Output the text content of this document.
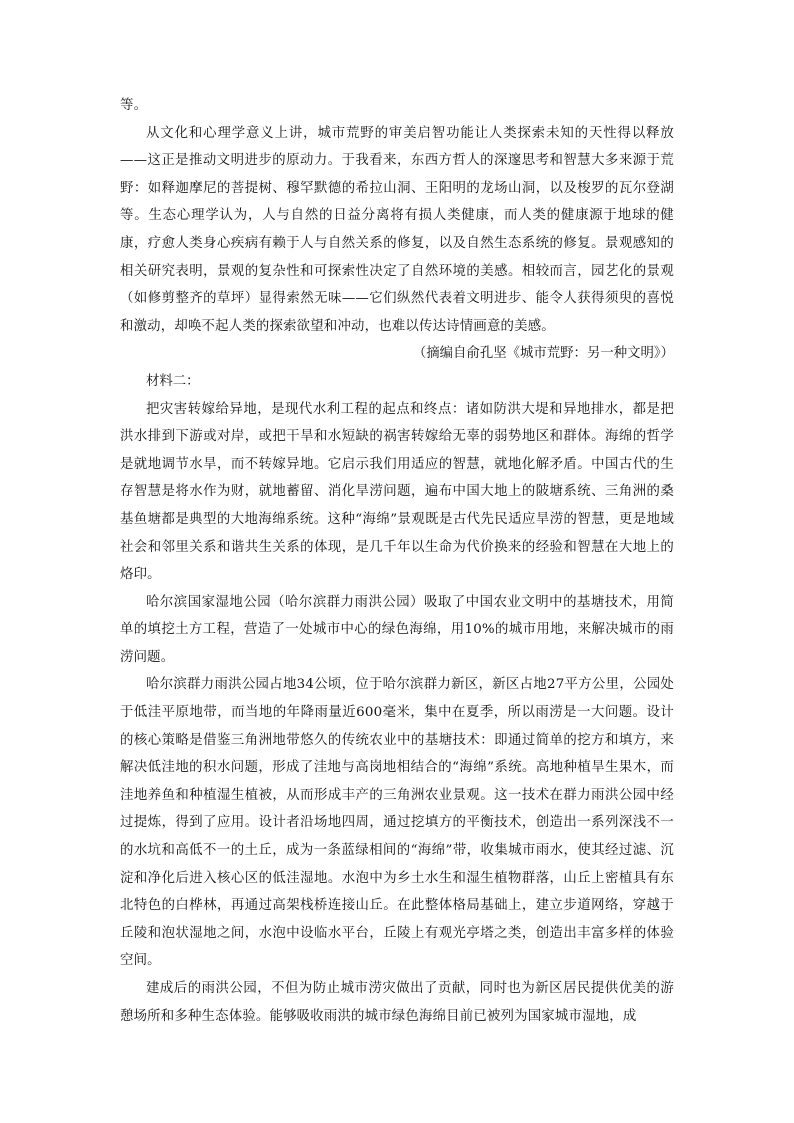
等。

从文化和心理学意义上讲，城市荒野的审美启智功能让人类探索未知的天性得以释放——这正是推动文明进步的原动力。于我看来，东西方哲人的深邃思考和智慧大多来源于荒野：如释迦摩尼的菩提树、穆罕默德的希拉山洞、王阳明的龙场山洞，以及梭罗的瓦尔登湖等。生态心理学认为，人与自然的日益分离将有损人类健康，而人类的健康源于地球的健康，疗愈人类身心疾病有赖于人与自然关系的修复，以及自然生态系统的修复。景观感知的相关研究表明，景观的复杂性和可探索性决定了自然环境的美感。相较而言，园艺化的景观（如修剪整齐的草坪）显得索然无味——它们纵然代表着文明进步、能令人获得须臾的喜悦和激动，却唤不起人类的探索欲望和冲动，也难以传达诗情画意的美感。

（摘编自俞孔坚《城市荒野：另一种文明》）

材料二：

把灾害转嫁给异地，是现代水利工程的起点和终点：诸如防洪大堤和异地排水，都是把洪水排到下游或对岸，或把干旱和水短缺的祸害转嫁给无辜的弱势地区和群体。海绵的哲学是就地调节水旱，而不转嫁异地。它启示我们用适应的智慧，就地化解矛盾。中国古代的生存智慧是将水作为财，就地蓄留、消化旱涝问题，遍布中国大地上的陂塘系统、三角洲的桑基鱼塘都是典型的大地海绵系统。这种“海绵”景观既是古代先民适应旱涝的智慧，更是地域社会和邻里关系和谐共生关系的体现，是几千年以生命为代价换来的经验和智慧在大地上的烙印。

哈尔滨国家湿地公园（哈尔滨群力雨洪公园）吸取了中国农业文明中的基塘技术，用简单的填挖土方工程，营造了一处城市中心的绿色海绵，用10%的城市用地，来解决城市的雨涝问题。

哈尔滨群力雨洪公园占地34公顷，位于哈尔滨群力新区，新区占地27平方公里，公园处于低洼平原地带，而当地的年降雨量近600毫米，集中在夏季，所以雨涝是一大问题。设计的核心策略是借鉴三角洲地带悠久的传统农业中的基塘技术：即通过简单的挖方和填方，来解决低洼地的积水问题，形成了洼地与高岗地相结合的“海绵”系统。高地种植旱生果木，而洼地养鱼和种植湿生植被，从而形成丰产的三角洲农业景观。这一技术在群力雨洪公园中经过提炼，得到了应用。设计者沿场地四周，通过挖填方的平衡技术，创造出一系列深浅不一的水坑和高低不一的土丘，成为一条蓝绿相间的“海绵”带，收集城市雨水，使其经过滤、沉淀和净化后进入核心区的低洼湿地。水泡中为乡土水生和湿生植物群落，山丘上密植具有东北特色的白桦林，再通过高架栈桥连接山丘。在此整体格局基础上，建立步道网络，穿越于丘陵和泡状湿地之间，水泡中设临水平台，丘陵上有观光亭塔之类，创造出丰富多样的体验空间。

建成后的雨洪公园，不但为防止城市涝灾做出了贡献，同时也为新区居民提供优美的游憩场所和多种生态体验。能够吸收雨洪的城市绿色海绵目前已被列为国家城市湿地，成
